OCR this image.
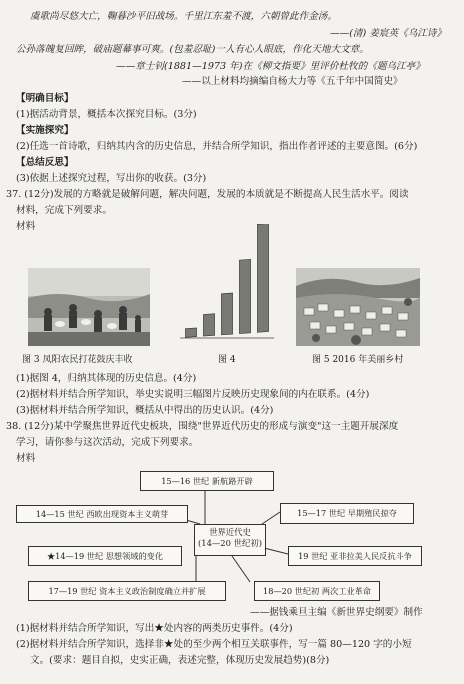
虞歌尚尽悠大亡，鞠暮沙平旧战场。千里江东羞不渡，六朝曾此作金汤。
——(清) 姜宸英《乌江诗》
公孙落魄复回眸，破庙题幕事可爽。(包羞忍耻)一人有心人眼底，作化天地大文章。
——章士钊(1881—1973 年)在《柳文指要》里评价杜牧的《题乌江亭》
——以上材料均摘编自杨大力等《五千年中国简史》
【明确目标】
(1)据活动背景，概括本次探究目标。(3分)
【实施探究】
(2)任选一首诗歌，归纳其内含的历史信息，并结合所学知识，指出作者评述的主要意图。(6分)
【总结反思】
(3)依据上述探究过程，写出你的收获。(3分)
37. (12分)发展的方略就是破解问题，解决问题，发展的本质就是不断提高人民生活水平。阅读
材料，完成下列要求。
材料
图 3 凤阳农民打花鼓庆丰收	图 4	图 5 2016 年美丽乡村
(1)据图 4，归纳其体现的历史信息。(4分)
(2)据材料并结合所学知识，举史实说明三幅图片反映历史现象间的内在联系。(4分)
(3)据材料并结合所学知识，概括从中得出的历史认识。(4分)
38. (12分)某中学聚焦世界近代史板块，围绕"世界近代历史的形成与演变"这一主题开展深度
学习，请你参与这次活动，完成下列要求。
材料
15—16 世纪 新航路开辟
14—15 世纪 西欧出现资本主义萌芽	15—17 世纪 早期殖民掠夺
世界近代史
(14—20 世纪初)
★14—19 世纪 思想领域的变化	19 世纪 亚非拉美人民反抗斗争
17—19 世纪 资本主义政治制度确立并扩展	18—20 世纪初 两次工业革命
——据钱乘旦主编《新世界史纲要》制作
(1)据材料并结合所学知识，写出★处内容的两类历史事件。(4分)
(2)据材料并结合所学知识，选择非★处的至少两个相互关联事件，写一篇 80—120 字的小短
文。(要求：题目自拟，史实正确，表述完整，体现历史发展趋势)(8分)
